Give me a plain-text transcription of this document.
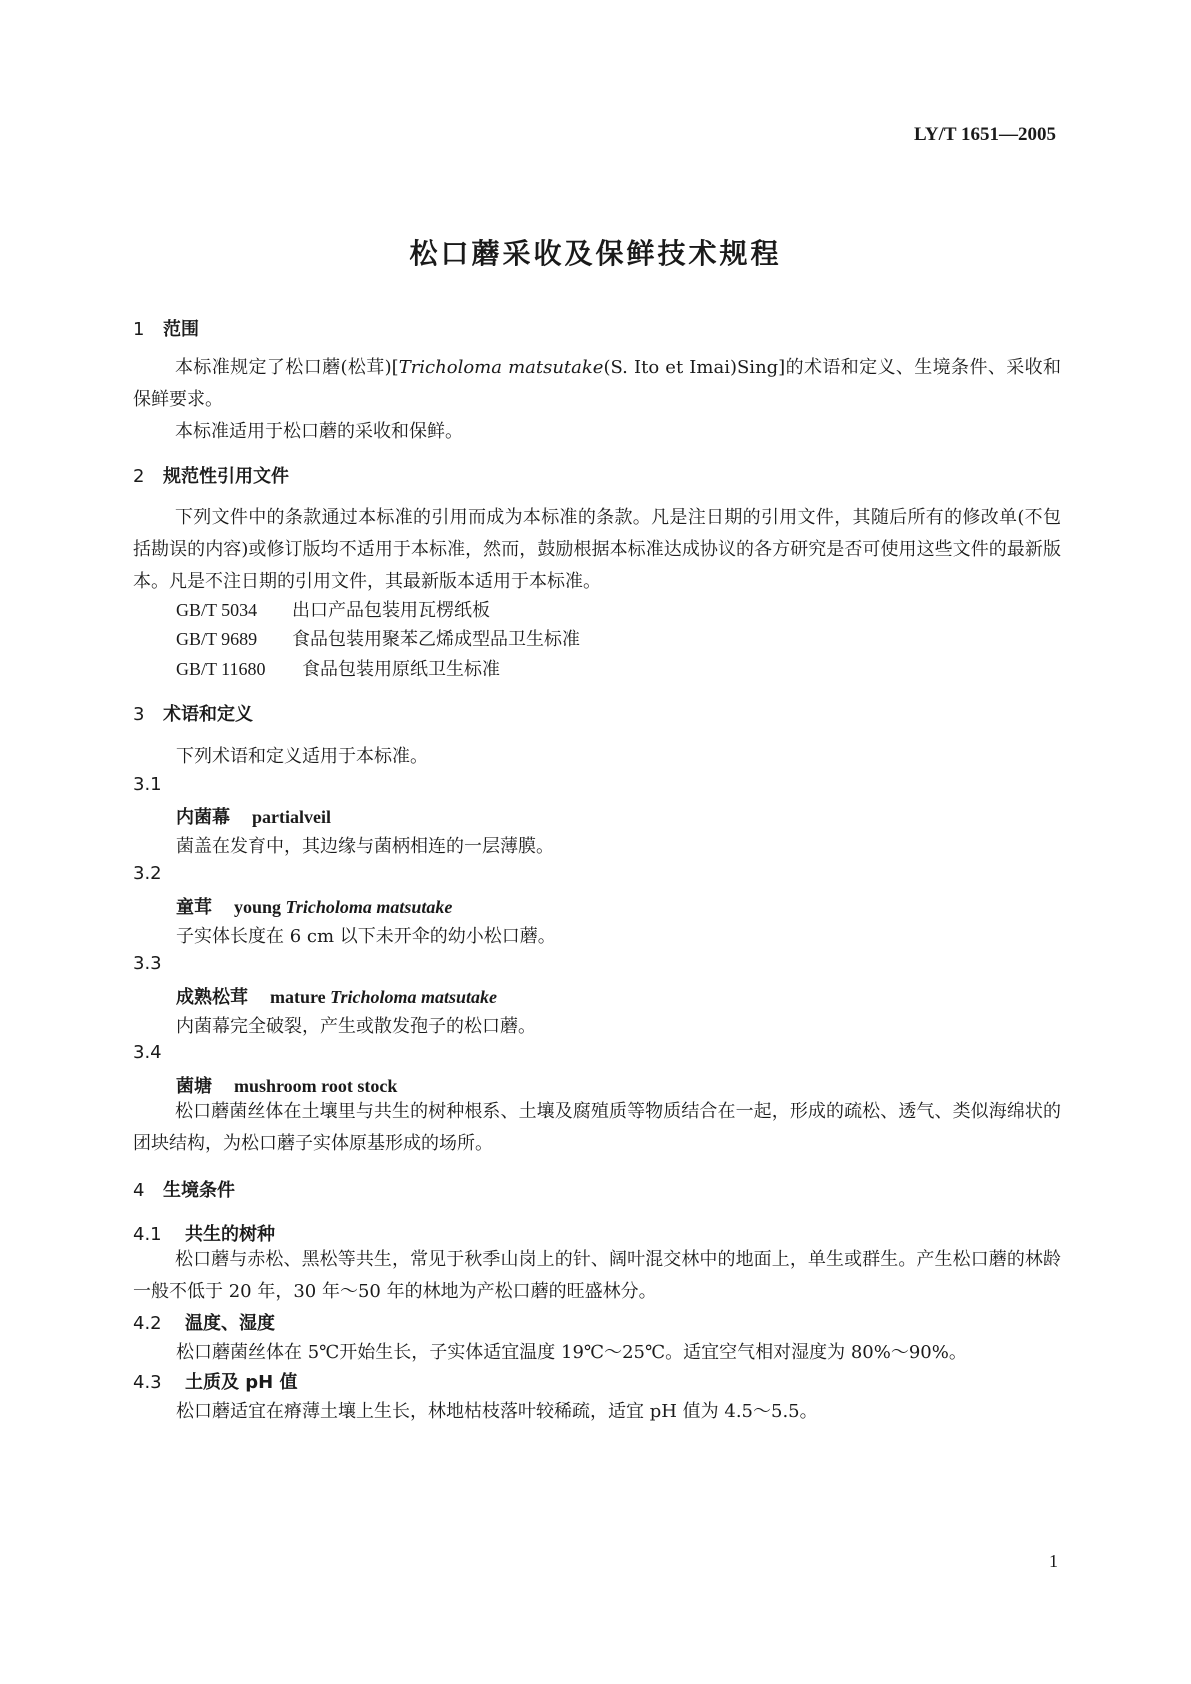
LY/T 1651—2005
松口蘑采收及保鲜技术规程
1 范围
本标准规定了松口蘑(松茸)[Tricholoma matsutake(S. Ito et Imai)Sing]的术语和定义、生境条件、采收和保鲜要求。
本标准适用于松口蘑的采收和保鲜。
2 规范性引用文件
下列文件中的条款通过本标准的引用而成为本标准的条款。凡是注日期的引用文件，其随后所有的修改单(不包括勘误的内容)或修订版均不适用于本标准，然而，鼓励根据本标准达成协议的各方研究是否可使用这些文件的最新版本。凡是不注日期的引用文件，其最新版本适用于本标准。
GB/T 5034 出口产品包装用瓦楞纸板
GB/T 9689 食品包装用聚苯乙烯成型品卫生标准
GB/T 11680 食品包装用原纸卫生标准
3 术语和定义
下列术语和定义适用于本标准。
3.1
内菌幕 partialveil
菌盖在发育中，其边缘与菌柄相连的一层薄膜。
3.2
童茸 young Tricholoma matsutake
子实体长度在 6 cm 以下未开伞的幼小松口蘑。
3.3
成熟松茸 mature Tricholoma matsutake
内菌幕完全破裂，产生或散发孢子的松口蘑。
3.4
菌塘 mushroom root stock
松口蘑菌丝体在土壤里与共生的树种根系、土壤及腐殖质等物质结合在一起，形成的疏松、透气、类似海绵状的团块结构，为松口蘑子实体原基形成的场所。
4 生境条件
4.1 共生的树种
松口蘑与赤松、黑松等共生，常见于秋季山岗上的针、阔叶混交林中的地面上，单生或群生。产生松口蘑的林龄一般不低于 20 年，30 年～50 年的林地为产松口蘑的旺盛林分。
4.2 温度、湿度
松口蘑菌丝体在 5℃开始生长，子实体适宜温度 19℃～25℃。适宜空气相对湿度为 80%～90%。
4.3 土质及 pH 值
松口蘑适宜在瘠薄土壤上生长，林地枯枝落叶较稀疏，适宜 pH 值为 4.5～5.5。
1
